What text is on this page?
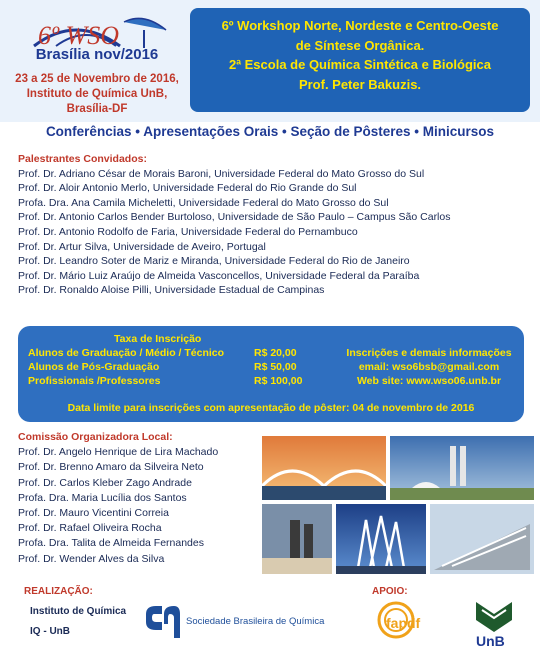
6º WSO
Brasília nov/2016
23 a 25 de Novembro de 2016,
Instituto de Química UnB,
Brasília-DF
6º Workshop Norte, Nordeste e Centro-Oeste
de Síntese Orgânica.
2ª Escola de Química Sintética e Biológica
Prof. Peter Bakuzis.
Conferências • Apresentações Orais • Seção de Pôsteres • Minicursos
Palestrantes Convidados:
Prof. Dr. Adriano César de Morais Baroni, Universidade Federal do Mato Grosso do Sul
Prof. Dr. Aloir Antonio Merlo, Universidade Federal do Rio Grande do Sul
Profa. Dra. Ana Camila Micheletti, Universidade Federal do Mato Grosso do Sul
Prof. Dr. Antonio Carlos Bender Burtoloso, Universidade de São Paulo – Campus São Carlos
Prof. Dr. Antonio Rodolfo de Faria, Universidade Federal do Pernambuco
Prof. Dr. Artur Silva, Universidade de Aveiro, Portugal
Prof. Dr. Leandro Soter de Mariz e Miranda, Universidade Federal do Rio de Janeiro
Prof. Dr. Mário Luiz Araújo de Almeida Vasconcellos, Universidade Federal da Paraíba
Prof. Dr. Ronaldo Aloise Pilli, Universidade Estadual de Campinas
Taxa de Inscrição
Alunos de Graduação / Médio / Técnico	R$ 20,00	Inscrições e demais informações
Alunos de Pós-Graduação	R$ 50,00	email: wso6bsb@gmail.com
Profissionais /Professores	R$ 100,00	Web site: www.wso06.unb.br
Data limite para inscrições com apresentação de pôster: 04 de novembro de 2016
Comissão Organizadora Local:
Prof. Dr. Angelo Henrique de Lira Machado
Prof. Dr. Brenno Amaro da Silveira Neto
Prof. Dr. Carlos Kleber Zago Andrade
Profa. Dra. Maria Lucília dos Santos
Prof. Dr. Mauro Vicentini Correia
Prof. Dr. Rafael Oliveira Rocha
Profa. Dra. Talita de Almeida Fernandes
Prof. Dr. Wender Alves da Silva
REALIZAÇÃO:
Instituto de Química
IQ - UnB
Sociedade Brasileira de Química
APOIO:
fapdf
UnB
